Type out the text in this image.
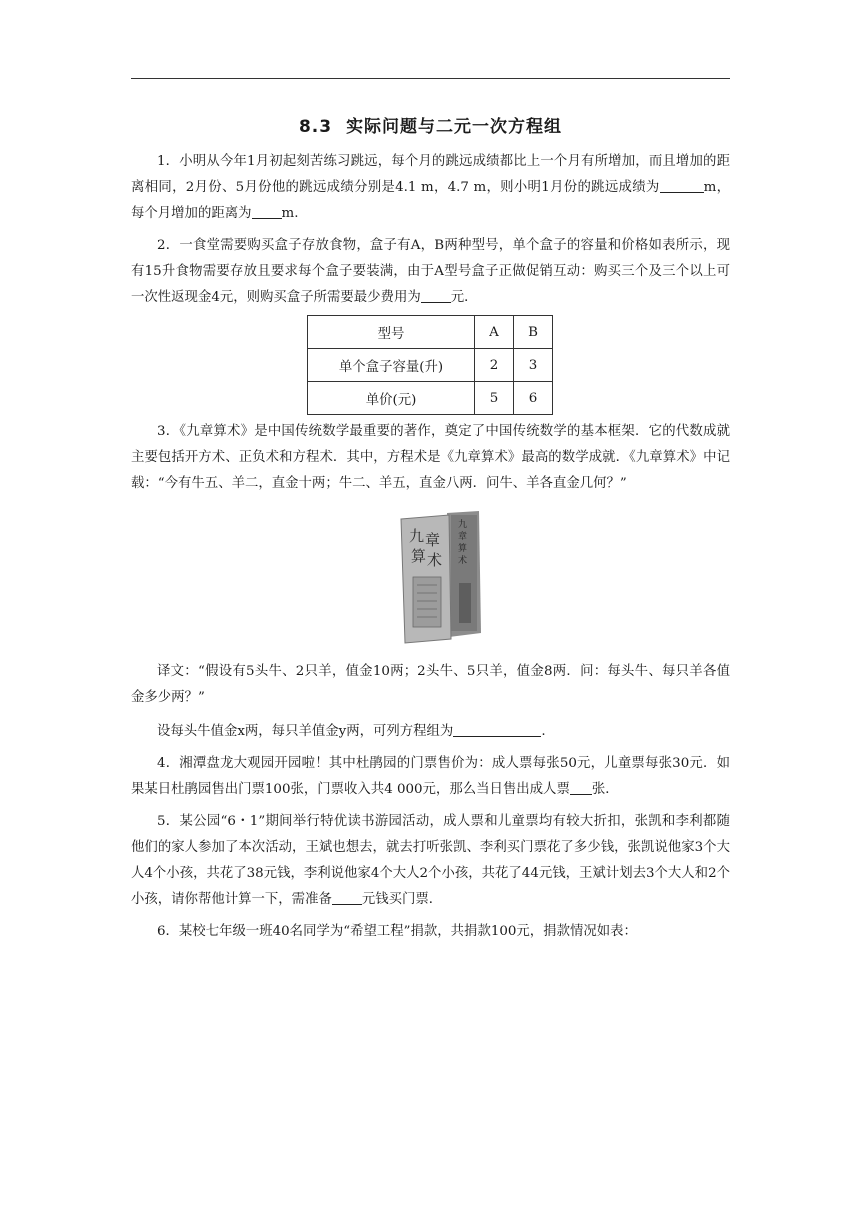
8.3 实际问题与二元一次方程组

1．小明从今年1月初起刻苦练习跳远，每个月的跳远成绩都比上一个月有所增加，而且增加的距离相同，2月份、5月份他的跳远成绩分别是4.1 m，4.7 m，则小明1月份的跳远成绩为	m，每个月增加的距离为 m.

2．一食堂需要购买盒子存放食物，盒子有A，B两种型号，单个盒子的容量和价格如表所示，现有15升食物需要存放且要求每个盒子要装满，由于A型号盒子正做促销互动：购买三个及三个以上可一次性返现金4元，则购买盒子所需要最少费用为 元．

型号	A	B
单个盒子容量(升)	2	3
单价(元)	5	6

3．《九章算术》是中国传统数学最重要的著作，奠定了中国传统数学的基本框架．它的代数成就主要包括开方术、正负术和方程术．其中，方程术是《九章算术》最高的数学成就．《九章算术》中记载：“今有牛五、羊二，直金十两；牛二、羊五，直金八两．问牛、羊各直金几何？”

九
章
算
术
九 章
算 术

译文：“假设有5头牛、2只羊，值金10两；2头牛、5只羊，值金8两．问：每头牛、每只羊各值金多少两？”

设每头牛值金x两，每只羊值金y两，可列方程组为	.

4．湘潭盘龙大观园开园啦！其中杜鹃园的门票售价为：成人票每张50元，儿童票每张30元．如果某日杜鹃园售出门票100张，门票收入共4 000元，那么当日售出成人票 张．

5．某公园“6・1”期间举行特优读书游园活动，成人票和儿童票均有较大折扣，张凯和李利都随他们的家人参加了本次活动，王斌也想去，就去打听张凯、李利买门票花了多少钱，张凯说他家3个大人4个小孩，共花了38元钱，李利说他家4个大人2个小孩，共花了44元钱，王斌计划去3个大人和2个小孩，请你帮他计算一下，需准备 元钱买门票．

6．某校七年级一班40名同学为“希望工程”捐款，共捐款100元，捐款情况如表：
